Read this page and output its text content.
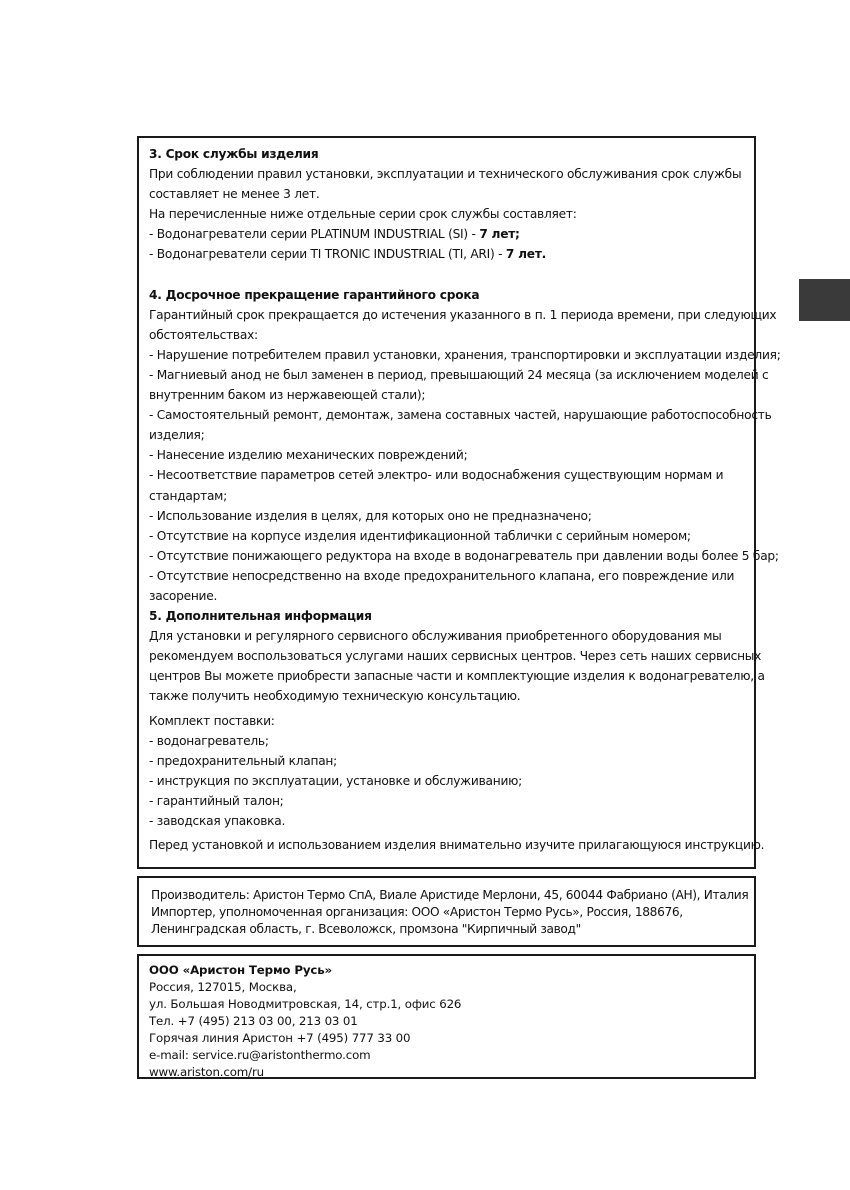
3. Срок службы изделия
При соблюдении правил установки, эксплуатации и технического обслуживания срок службы
составляет не менее 3 лет.
На перечисленные ниже отдельные серии срок службы составляет:
- Водонагреватели серии PLATINUM INDUSTRIAL (SI) - 7 лет;
- Водонагреватели серии TI TRONIC INDUSTRIAL (TI, ARI) - 7 лет.
4. Досрочное прекращение гарантийного срока
Гарантийный срок прекращается до истечения указанного в п. 1 периода времени, при следующих
обстоятельствах:
- Нарушение потребителем правил установки, хранения, транспортировки и эксплуатации изделия;
- Магниевый анод не был заменен в период, превышающий 24 месяца (за исключением моделей с
внутренним баком из нержавеющей стали);
- Самостоятельный ремонт, демонтаж, замена составных частей, нарушающие работоспособность
изделия;
- Нанесение изделию механических повреждений;
- Несоответствие параметров сетей электро- или водоснабжения существующим нормам и
стандартам;
- Использование изделия в целях, для которых оно не предназначено;
- Отсутствие на корпусе изделия идентификационной таблички с серийным номером;
- Отсутствие понижающего редуктора на входе в водонагреватель при давлении воды более 5 бар;
- Отсутствие непосредственно на входе предохранительного клапана, его повреждение или
засорение.
5. Дополнительная информация
Для установки и регулярного сервисного обслуживания приобретенного оборудования мы
рекомендуем воспользоваться услугами наших сервисных центров. Через сеть наших сервисных
центров Вы можете приобрести запасные части и комплектующие изделия к водонагревателю, а
также получить необходимую техническую консультацию.
Комплект поставки:
- водонагреватель;
- предохранительный клапан;
- инструкция по эксплуатации, установке и обслуживанию;
- гарантийный талон;
- заводская упаковка.
Перед установкой и использованием изделия внимательно изучите прилагающуюся инструкцию.
Производитель: Аристон Термо СпА, Виале Аристиде Мерлони, 45, 60044 Фабриано (АН), Италия
Импортер, уполномоченная организация: ООО «Аристон Термо Русь», Россия, 188676,
Ленинградская область, г. Всеволожск, промзона "Кирпичный завод"
ООО «Аристон Термо Русь»
Россия, 127015, Москва,
ул. Большая Новодмитровская, 14, стр.1, офис 626
Тел. +7 (495) 213 03 00, 213 03 01
Горячая линия Аристон +7 (495) 777 33 00
e-mail: service.ru@aristonthermo.com
www.ariston.com/ru
